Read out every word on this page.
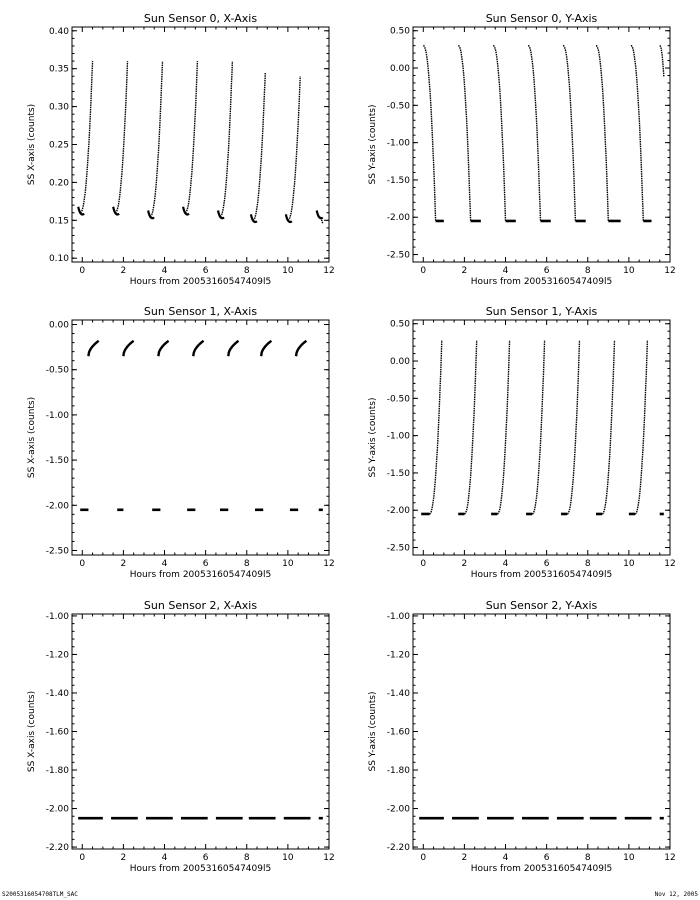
Sun Sensor 0, X-Axis
0	2	4	6	8	10	12
0.10
0.15
0.20
0.25
0.30
0.35
0.40
Hours from 20053160547409l5
SS X-axis (counts)
Sun Sensor 0, Y-Axis
0	2	4	6	8	10	12
-2.50
-2.00
-1.50
-1.00
-0.50
0.00
0.50
Hours from 20053160547409l5
SS Y-axis (counts)
Sun Sensor 1, X-Axis
0	2	4	6	8	10	12
-2.50
-2.00
-1.50
-1.00
-0.50
0.00
Hours from 20053160547409l5
SS X-axis (counts)
Sun Sensor 1, Y-Axis
0	2	4	6	8	10	12
-2.50
-2.00
-1.50
-1.00
-0.50
0.00
0.50
Hours from 20053160547409l5
SS Y-axis (counts)
Sun Sensor 2, X-Axis
0	2	4	6	8	10	12
-2.20
-2.00
-1.80
-1.60
-1.40
-1.20
-1.00
Hours from 20053160547409l5
SS X-axis (counts)
Sun Sensor 2, Y-Axis
0	2	4	6	8	10	12
-2.20
-2.00
-1.80
-1.60
-1.40
-1.20
-1.00
Hours from 20053160547409l5
SS Y-axis (counts)
S2005316054708TLM_SAC	Nov 12, 2005
